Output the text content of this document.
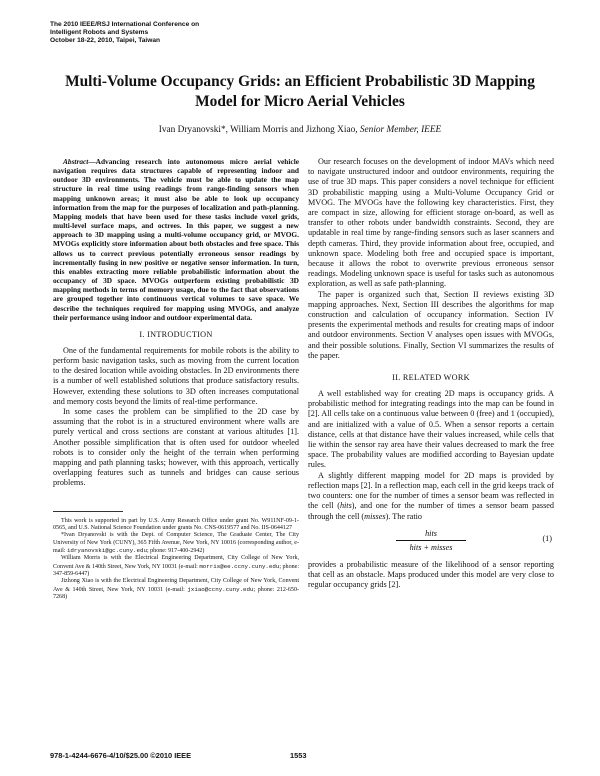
The 2010 IEEE/RSJ International Conference on
Intelligent Robots and Systems
October 18-22, 2010, Taipei, Taiwan
Multi-Volume Occupancy Grids: an Efficient Probabilistic 3D Mapping
Model for Micro Aerial Vehicles
Ivan Dryanovski*, William Morris and Jizhong Xiao, Senior Member, IEEE

Abstract—Advancing research into autonomous micro aerial vehicle navigation requires data structures capable of representing indoor and outdoor 3D environments. The vehicle must be able to update the map structure in real time using readings from range-finding sensors when mapping unknown areas; it must also be able to look up occupancy information from the map for the purposes of localization and path-planning. Mapping models that have been used for these tasks include voxel grids, multi-level surface maps, and octrees. In this paper, we suggest a new approach to 3D mapping using a multi-volume occupancy grid, or MVOG. MVOGs explicitly store information about both obstacles and free space. This allows us to correct previous potentially erroneous sensor readings by incrementally fusing in new positive or negative sensor information. In turn, this enables extracting more reliable probabilistic information about the occupancy of 3D space. MVOGs outperform existing probabilistic 3D mapping methods in terms of memory usage, due to the fact that observations are grouped together into continuous vertical volumes to save space. We describe the techniques required for mapping using MVOGs, and analyze their performance using indoor and outdoor experimental data.

I. INTRODUCTION

One of the fundamental requirements for mobile robots is the ability to perform basic navigation tasks, such as moving from the current location to the desired location while avoiding obstacles. In 2D environments there is a number of well established solutions that produce satisfactory results. However, extending these solutions to 3D often increases computational and memory costs beyond the limits of real-time performance.

In some cases the problem can be simplified to the 2D case by assuming that the robot is in a structured environment where walls are purely vertical and cross sections are constant at various altitudes [1]. Another possible simplification that is often used for outdoor wheeled robots is to consider only the height of the terrain when performing mapping and path planning tasks; however, with this approach, vertically overlapping features such as tunnels and bridges can cause serious problems.

This work is supported in part by U.S. Army Research Office under grant No. W911NF-09-1-0565, and U.S. National Science Foundation under grants No. CNS-0619577 and No. IIS-0644127

*Ivan Dryanovski is with the Dept. of Computer Science, The Graduate Center, The City University of New York (CUNY), 365 Fifth Avenue, New York, NY 10016 (corresponding author, e-mail: idryanovski@gc.cuny.edu; phone: 917-400-2942)

William Morris is with the Electrical Engineering Department, City College of New York, Convent Ave & 140th Street, New York, NY 10031 (e-mail: morris@ee.ccny.cuny.edu; phone: 347-859-6447)

Jizhong Xiao is with the Electrical Engineering Department, City College of New York, Convent Ave & 140th Street, New York, NY 10031 (e-mail: jxiao@ccny.cuny.edu; phone: 212-650-7268)

Our research focuses on the development of indoor MAVs which need to navigate unstructured indoor and outdoor environments, requiring the use of true 3D maps. This paper considers a novel technique for efficient 3D probabilistic mapping using a Multi-Volume Occupancy Grid or MVOG. The MVOGs have the following key characteristics. First, they are compact in size, allowing for efficient storage on-board, as well as transfer to other robots under bandwidth constraints. Second, they are updatable in real time by range-finding sensors such as laser scanners and depth cameras. Third, they provide information about free, occupied, and unknown space. Modeling both free and occupied space is important, because it allows the robot to overwrite previous erroneous sensor readings. Modeling unknown space is useful for tasks such as autonomous exploration, as well as safe path-planning.

The paper is organized such that, Section II reviews existing 3D mapping approaches. Next, Section III describes the algorithms for map construction and calculation of occupancy information. Section IV presents the experimental methods and results for creating maps of indoor and outdoor environments. Section V analyses open issues with MVOGs, and their possible solutions. Finally, Section VI summarizes the results of the paper.

II. RELATED WORK

A well established way for creating 2D maps is occupancy grids. A probabilistic method for integrating readings into the map can be found in [2]. All cells take on a continuous value between 0 (free) and 1 (occupied), and are initialized with a value of 0.5. When a sensor reports a certain distance, cells at that distance have their values increased, while cells that lie within the sensor ray area have their values decreased to mark the free space. The probability values are modified according to Bayesian update rules.

A slightly different mapping model for 2D maps is provided by reflection maps [2]. In a reflection map, each cell in the grid keeps track of two counters: one for the number of times a sensor beam was reflected in the cell (hits), and one for the number of times a sensor beam passed through the cell (misses). The ratio

hits
hits + misses
(1)

provides a probabilistic measure of the likelihood of a sensor reporting that cell as an obstacle. Maps produced under this model are very close to regular occupancy grids [2].

978-1-4244-6676-4/10/$25.00 ©2010 IEEE	1553
